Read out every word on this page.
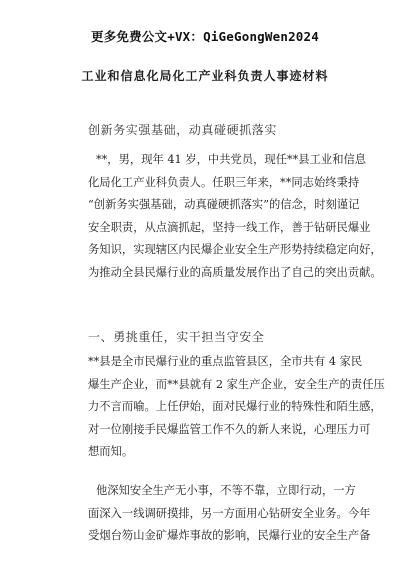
更多免费公文+VX：QiGeGongWen2024
工业和信息化局化工产业科负责人事迹材料
创新务实强基础，动真碰硬抓落实
**，男，现年 41 岁，中共党员，现任**县工业和信息
化局化工产业科负责人。任职三年来，**同志始终秉持
“创新务实强基础，动真碰硬抓落实”的信念，时刻谨记
安全职责，从点滴抓起，坚持一线工作，善于钻研民爆业
务知识，实现辖区内民爆企业安全生产形势持续稳定向好，
为推动全县民爆行业的高质量发展作出了自己的突出贡献。
一、勇挑重任，实干担当守安全
**县是全市民爆行业的重点监管县区，全市共有 4 家民
爆生产企业，而**县就有 2 家生产企业，安全生产的责任压
力不言而喻。上任伊始，面对民爆行业的特殊性和陌生感，
对一位刚接手民爆监管工作不久的新人来说，心理压力可
想而知。
他深知安全生产无小事，不等不靠，立即行动，一方
面深入一线调研摸排，另一方面用心钻研安全业务。今年
受烟台笏山金矿爆炸事故的影响，民爆行业的安全生产备
